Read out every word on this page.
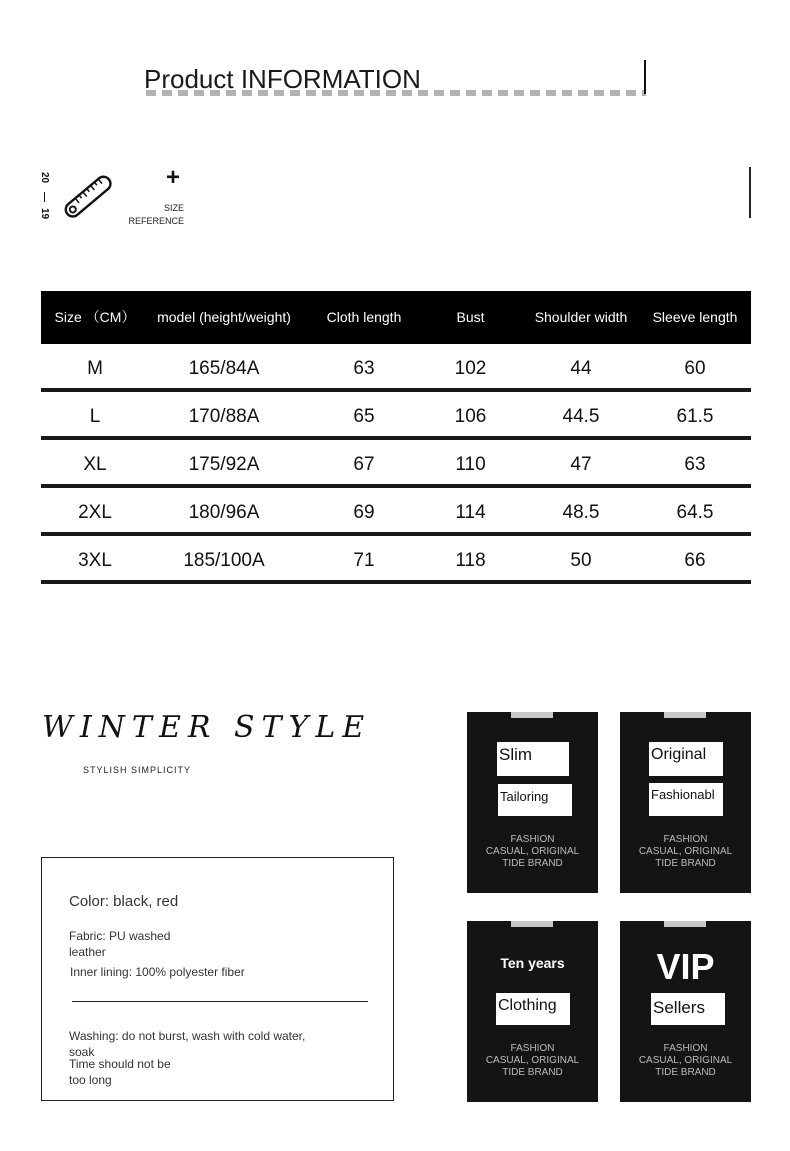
Product INFORMATION
20
—
19
+
SIZE
REFERENCE
Size （CM）	model (height/weight)	Cloth length	Bust	Shoulder width	Sleeve length
M	165/84A	63	102	44	60
L	170/88A	65	106	44.5	61.5
XL	175/92A	67	110	47	63
2XL	180/96A	69	114	48.5	64.5
3XL	185/100A	71	118	50	66
WINTER STYLE
STYLISH SIMPLICITY
Color: black, red
Fabric: PU washed
leather
Inner lining: 100% polyester fiber
Washing: do not burst, wash with cold water,
soak
Time should not be
too long
Slim
Tailoring
FASHION
CASUAL, ORIGINAL
TIDE BRAND
Original
Fashionabl
FASHION
CASUAL, ORIGINAL
TIDE BRAND
Ten years
Clothing
FASHION
CASUAL, ORIGINAL
TIDE BRAND
VIP
Sellers
FASHION
CASUAL, ORIGINAL
TIDE BRAND
